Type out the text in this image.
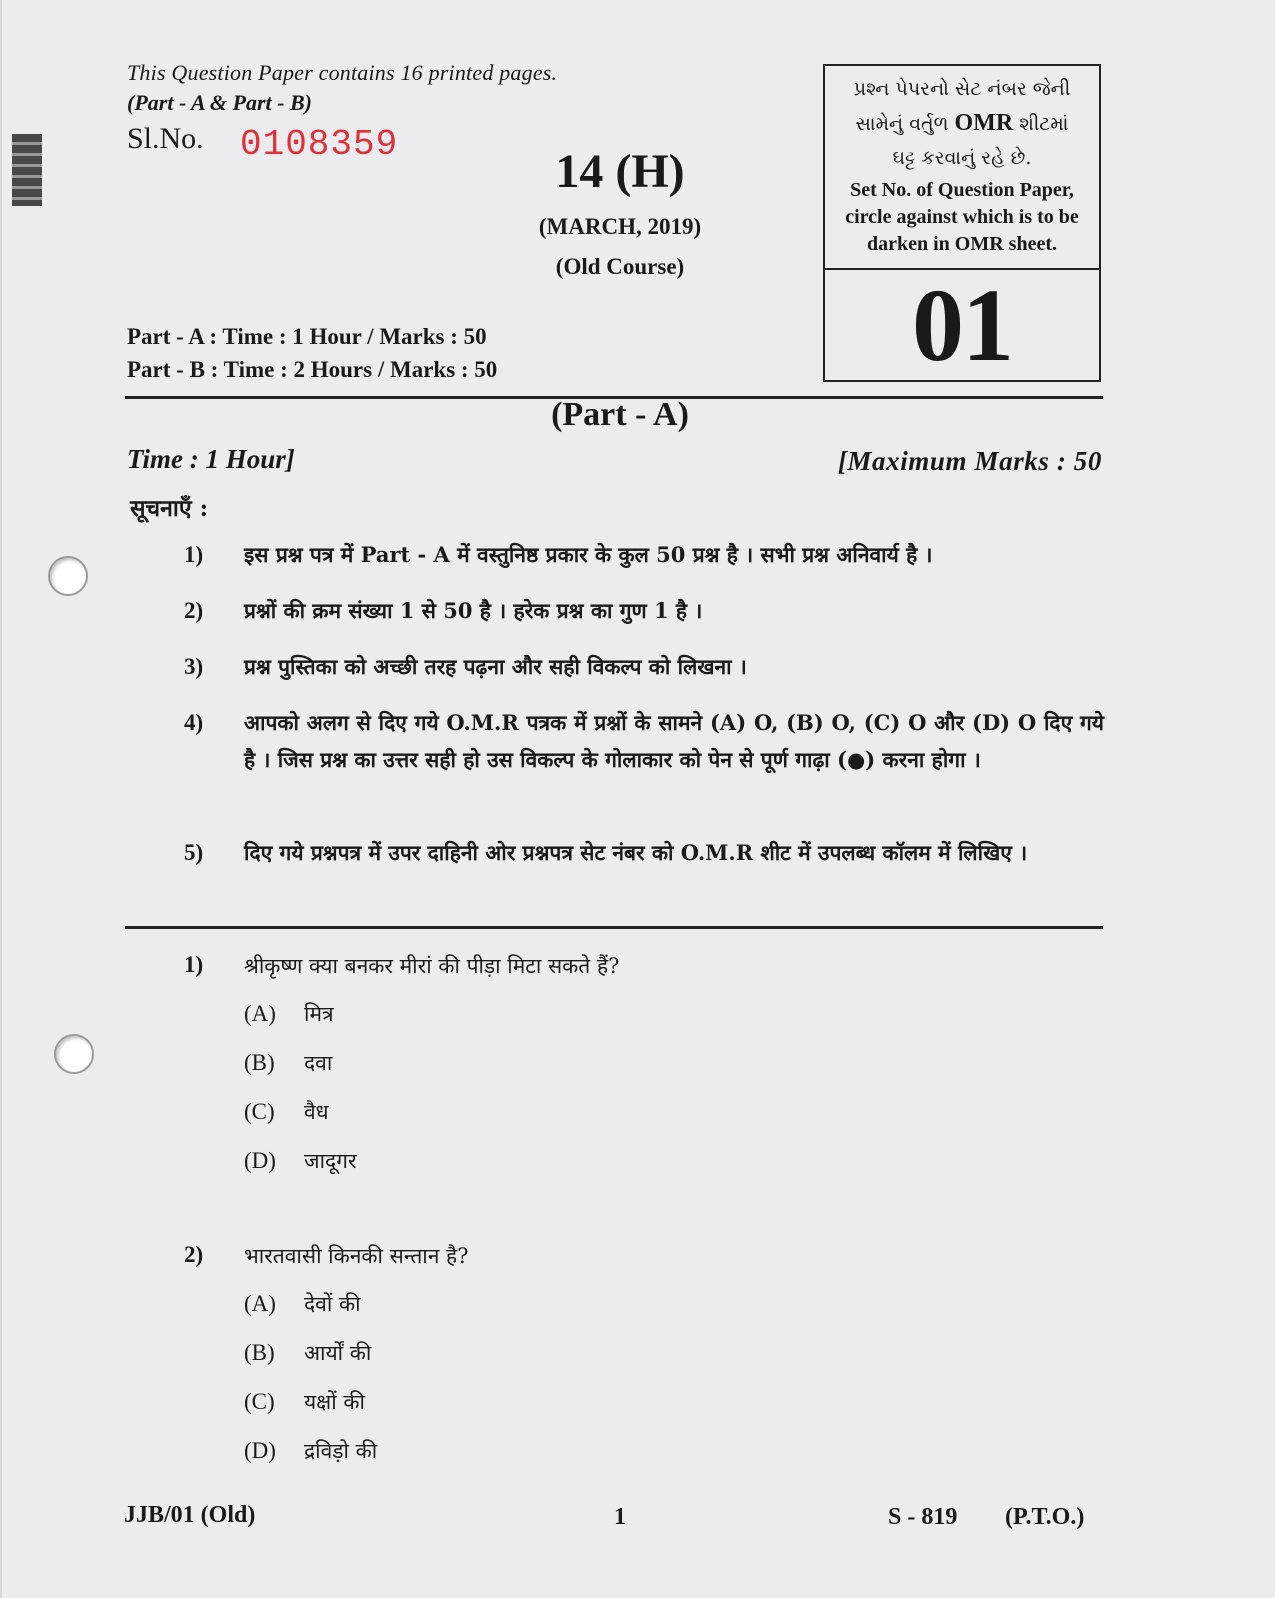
This Question Paper contains 16 printed pages.
(Part - A & Part - B)
Sl.No. 0108359
14 (H)
(MARCH, 2019)
(Old Course)
Part - A : Time : 1 Hour / Marks : 50
Part - B : Time : 2 Hours / Marks : 50
પ્રશ્ન પેપરનો સેટ નંબર જેની
સામેનું વર્તુળ OMR શીટમાં
ઘટ્ટ કરવાનું રહે છે.
Set No. of Question Paper,
circle against which is to be
darken in OMR sheet.
01
(Part - A)
Time : 1 Hour]	[Maximum Marks : 50
सूचनाएँ :
1) इस प्रश्न पत्र में Part - A में वस्तुनिष्ठ प्रकार के कुल 50 प्रश्न है । सभी प्रश्न अनिवार्य है ।
2) प्रश्नों की क्रम संख्या 1 से 50 है । हरेक प्रश्न का गुण 1 है ।
3) प्रश्न पुस्तिका को अच्छी तरह पढ़ना और सही विकल्प को लिखना ।
4) आपको अलग से दिए गये O.M.R पत्रक में प्रश्नों के सामने (A) O, (B) O, (C) O और (D) O दिए गये है । जिस प्रश्न का उत्तर सही हो उस विकल्प के गोलाकार को पेन से पूर्ण गाढ़ा (●) करना होगा ।
5) दिए गये प्रश्नपत्र में उपर दाहिनी ओर प्रश्नपत्र सेट नंबर को O.M.R शीट में उपलब्ध कॉलम में लिखिए ।
1) श्रीकृष्ण क्या बनकर मीरां की पीड़ा मिटा सकते हैं?
(A) मित्र
(B) दवा
(C) वैध
(D) जादूगर
2) भारतवासी किनकी सन्तान है?
(A) देवों की
(B) आर्यों की
(C) यक्षों की
(D) द्रविड़ो की
JJB/01 (Old)	1	S - 819 (P.T.O.)
